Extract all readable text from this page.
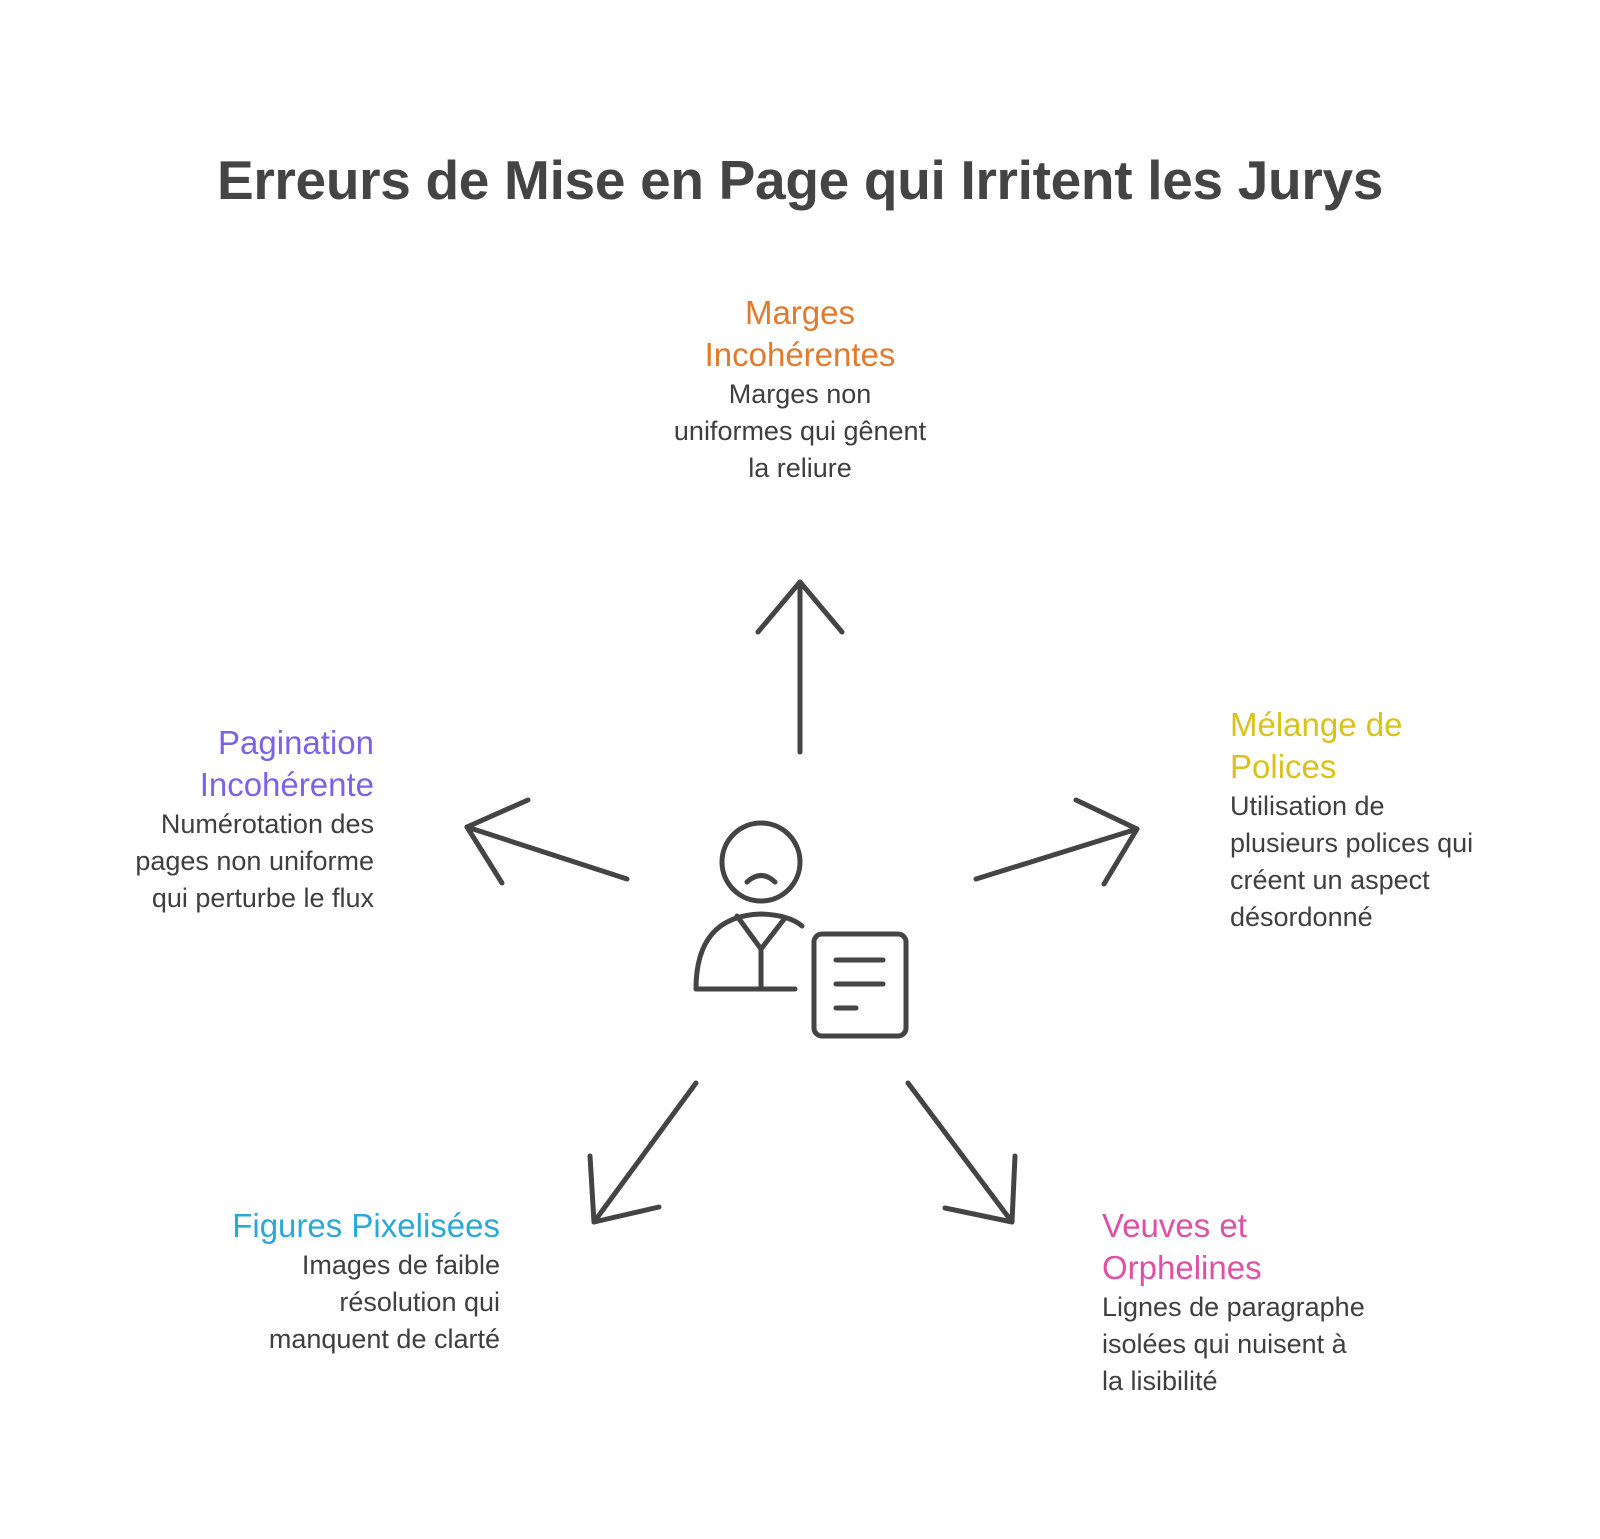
Erreurs de Mise en Page qui Irritent les Jurys
Marges
Incohérentes
Marges non
uniformes qui gênent
la reliure
Mélange de
Polices
Utilisation de
plusieurs polices qui
créent un aspect
désordonné
Veuves et
Orphelines
Lignes de paragraphe
isolées qui nuisent à
la lisibilité
Figures Pixelisées
Images de faible
résolution qui
manquent de clarté
Pagination
Incohérente
Numérotation des
pages non uniforme
qui perturbe le flux
